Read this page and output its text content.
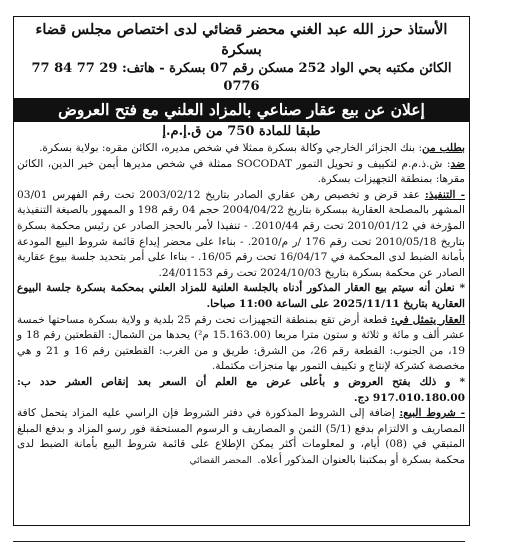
الأستاذ حرز الله عبد الغني محضر قضائي لدى اختصاص مجلس قضاء بسكرة
الكائن مكتبه بحي الواد 252 مسكن رقم 07 بسكرة - هاتف: 29 77 84 77 0776
إعلان عن بيع عقار صناعي بالمزاد العلني مع فتح العروض
طبقا للمادة 750 من ق.إ.م.إ

بطلب من: بنك الجزائر الخارجي وكالة بسكرة ممثلا في شخص مديره، الكائن مقره: بولاية بسكرة.

ضد: ش.ذ.م.م لتكييف و تحويل التمور SOCODAT ممثلة في شخص مديرها أيمن خير الدين، الكائن مقرها: بمنطقة التجهيزات بسكرة.

- التنفيذ: عقد قرض و تخصيص رهن عقاري الصادر بتاريخ 2003/02/12 تحت رقم الفهرس 03/01 المشهر بالمصلحة العقارية ببسكرة بتاريخ 2004/04/22 حجم 04 رقم 198 و الممهور بالصيغة التنفيذية المؤرخة في 2010/01/12 تحت رقم 2010/44. - تنفيذا لأمر بالحجز الصادر عن رئيس محكمة بسكرة بتاريخ 2010/05/18 تحت رقم 176 /ر م/2010. - بناءا على محضر إيداع قائمة شروط البيع المودعة بأمانة الضبط لدى المحكمة في 16/04/17 تحت رقم 16/05. - بناءا على أمر بتحديد جلسة بيوع عقارية الصادر عن محكمة بسكرة بتاريخ 2024/10/03 تحت رقم 24/01153.

* نعلن أنه سيتم بيع العقار المذكور أدناه بالجلسة العلنية للمزاد العلني بمحكمة بسكرة جلسة البيوع العقارية بتاريخ 2025/11/11 على الساعة 11:00 صباحا.

العقار يتمثل في: قطعة أرض تقع بمنطقة التجهيزات تحت رقم 25 بلدية و ولاية بسكرة مساحتها خمسة عشر ألف و مائة و ثلاثة و ستون مترا مربعا (15.163.00 م²) يحدها من الشمال: القطعتين رقم 18 و 19، من الجنوب: القطعة رقم 26، من الشرق: طريق و من الغرب: القطعتين رقم 16 و 21 و هي مخصصة كشركة لإنتاج و تكييف التمور بها منجزات مكتملة.

* و ذلك بفتح العروض و بأعلى عرض مع العلم أن السعر بعد إنقاص العشر حدد ب: 917.010.180.00 دج.

- شروط البيع: إضافة إلى الشروط المذكورة في دفتر الشروط فإن الراسي عليه المزاد يتحمل كافة المصاريف و الالتزام بدفع (5/1) الثمن و المصاريف و الرسوم المستحقة فور رسو المزاد و بدفع المبلغ المتبقي في (08) أيام، و لمعلومات أكثر يمكن الإطلاع على قائمة شروط البيع بأمانة الضبط لدى محكمة بسكرة أو بمكتبنا بالعنوان المذكور أعلاه. المحضر القضائي
